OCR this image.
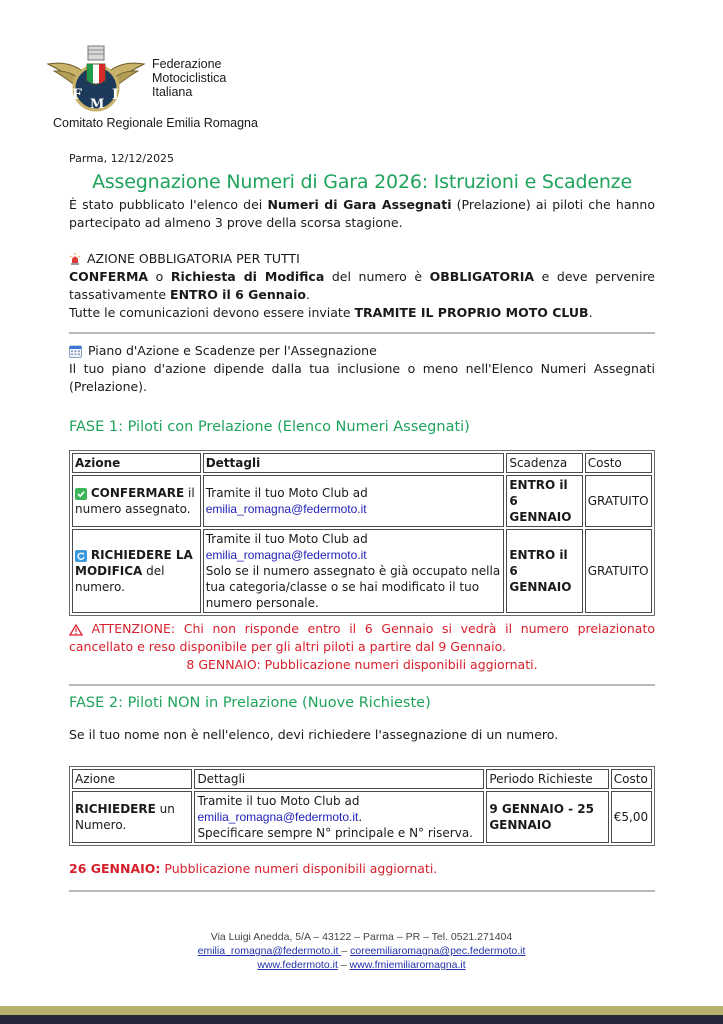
F
M
I
Federazione
Motociclistica
Italiana
Comitato Regionale Emilia Romagna

Parma, 12/12/2025

Assegnazione Numeri di Gara 2026: Istruzioni e Scadenze

È stato pubblicato l'elenco dei Numeri di Gara Assegnati (Prelazione) ai piloti che hanno partecipato ad almeno 3 prove della scorsa stagione.

AZIONE OBBLIGATORIA PER TUTTI

CONFERMA o Richiesta di Modifica del numero è OBBLIGATORIA e deve pervenire tassativamente ENTRO il 6 Gennaio.

Tutte le comunicazioni devono essere inviate TRAMITE IL PROPRIO MOTO CLUB.

Piano d'Azione e Scadenze per l'Assegnazione

Il tuo piano d'azione dipende dalla tua inclusione o meno nell'Elenco Numeri Assegnati (Prelazione).

FASE 1: Piloti con Prelazione (Elenco Numeri Assegnati)

Azione	Dettagli	Scadenza	Costo
CONFERMARE il numero assegnato.	Tramite il tuo Moto Club ad
emilia_romagna@federmoto.it	ENTRO il 6 GENNAIO	GRATUITO
RICHIEDERE LA MODIFICA del numero.	Tramite il tuo Moto Club ad
emilia_romagna@federmoto.it
Solo se il numero assegnato è già occupato nella tua categoria/classe o se hai modificato il tuo numero personale.	ENTRO il 6 GENNAIO	GRATUITO

ATTENZIONE: Chi non risponde entro il 6 Gennaio si vedrà il numero prelazionato cancellato e reso disponibile per gli altri piloti a partire dal 9 Gennaio.

8 GENNAIO: Pubblicazione numeri disponibili aggiornati.

FASE 2: Piloti NON in Prelazione (Nuove Richieste)

Se il tuo nome non è nell'elenco, devi richiedere l'assegnazione di un numero.

Azione	Dettagli	Periodo Richieste	Costo
RICHIEDERE un Numero.	Tramite il tuo Moto Club ad
emilia_romagna@federmoto.it.
Specificare sempre N° principale e N° riserva.	9 GENNAIO - 25 GENNAIO	€5,00

26 GENNAIO: Pubblicazione numeri disponibili aggiornati.

Via Luigi Anedda, 5/A – 43122 – Parma – PR – Tel. 0521.271404
emilia_romagna@federmoto.it – coreemiliaromagna@pec.federmoto.it
www.federmoto.it – www.fmiemiliaromagna.it
